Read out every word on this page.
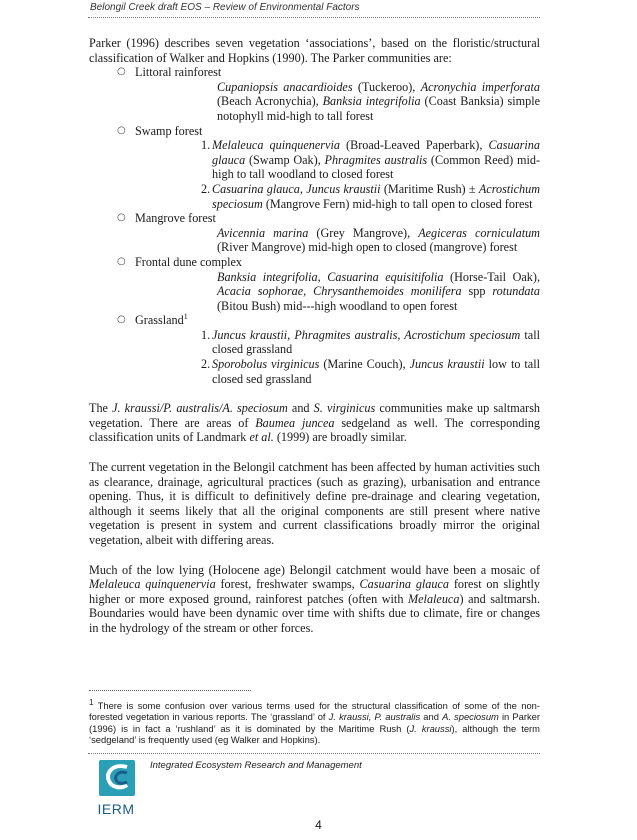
Belongil Creek draft EOS – Review of Environmental Factors

Parker (1996) describes seven vegetation ‘associations’, based on the floristic/structural classification of Walker and Hopkins (1990). The Parker communities are:

○ Littoral rainforest
Cupaniopsis anacardioides (Tuckeroo), Acronychia imperforata (Beach Acronychia), Banksia integrifolia (Coast Banksia) simple notophyll mid-high to tall forest
○ Swamp forest
1. Melaleuca quinquenervia (Broad-Leaved Paperbark), Casuarina glauca (Swamp Oak), Phragmites australis (Common Reed) mid-high to tall woodland to closed forest
2. Casuarina glauca, Juncus kraustii (Maritime Rush) ± Acrostichum speciosum (Mangrove Fern) mid-high to tall open to closed forest
○ Mangrove forest
Avicennia marina (Grey Mangrove), Aegiceras corniculatum (River Mangrove) mid-high open to closed (mangrove) forest
○ Frontal dune complex
Banksia integrifolia, Casuarina equisitifolia (Horse-Tail Oak), Acacia sophorae, Chrysanthemoides monilifera spp rotundata (Bitou Bush) mid---high woodland to open forest
○ Grassland$^1$
1. Juncus kraustii, Phragmites australis, Acrostichum speciosum tall closed grassland
2. Sporobolus virginicus (Marine Couch), Juncus kraustii low to tall closed sed grassland

The J. kraussi/P. australis/A. speciosum and S. virginicus communities make up saltmarsh vegetation. There are areas of Baumea juncea sedgeland as well. The corresponding classification units of Landmark et al. (1999) are broadly similar.

The current vegetation in the Belongil catchment has been affected by human activities such as clearance, drainage, agricultural practices (such as grazing), urbanisation and entrance opening. Thus, it is difficult to definitively define pre-drainage and clearing vegetation, although it seems likely that all the original components are still present where native vegetation is present in system and current classifications broadly mirror the original vegetation, albeit with differing areas.

Much of the low lying (Holocene age) Belongil catchment would have been a mosaic of Melaleuca quinquenervia forest, freshwater swamps, Casuarina glauca forest on slightly higher or more exposed ground, rainforest patches (often with Melaleuca) and saltmarsh. Boundaries would have been dynamic over time with shifts due to climate, fire or changes in the hydrology of the stream or other forces.

$^1$ There is some confusion over various terms used for the structural classification of some of the non-forested vegetation in various reports. The ‘grassland’ of J. kraussi, P. australis and A. speciosum in Parker (1996) is in fact a ‘rushland’ as it is dominated by the Maritime Rush (J. kraussi), although the term ‘sedgeland’ is frequently used (eg Walker and Hopkins).
IERM
Integrated Ecosystem Research and Management
4
